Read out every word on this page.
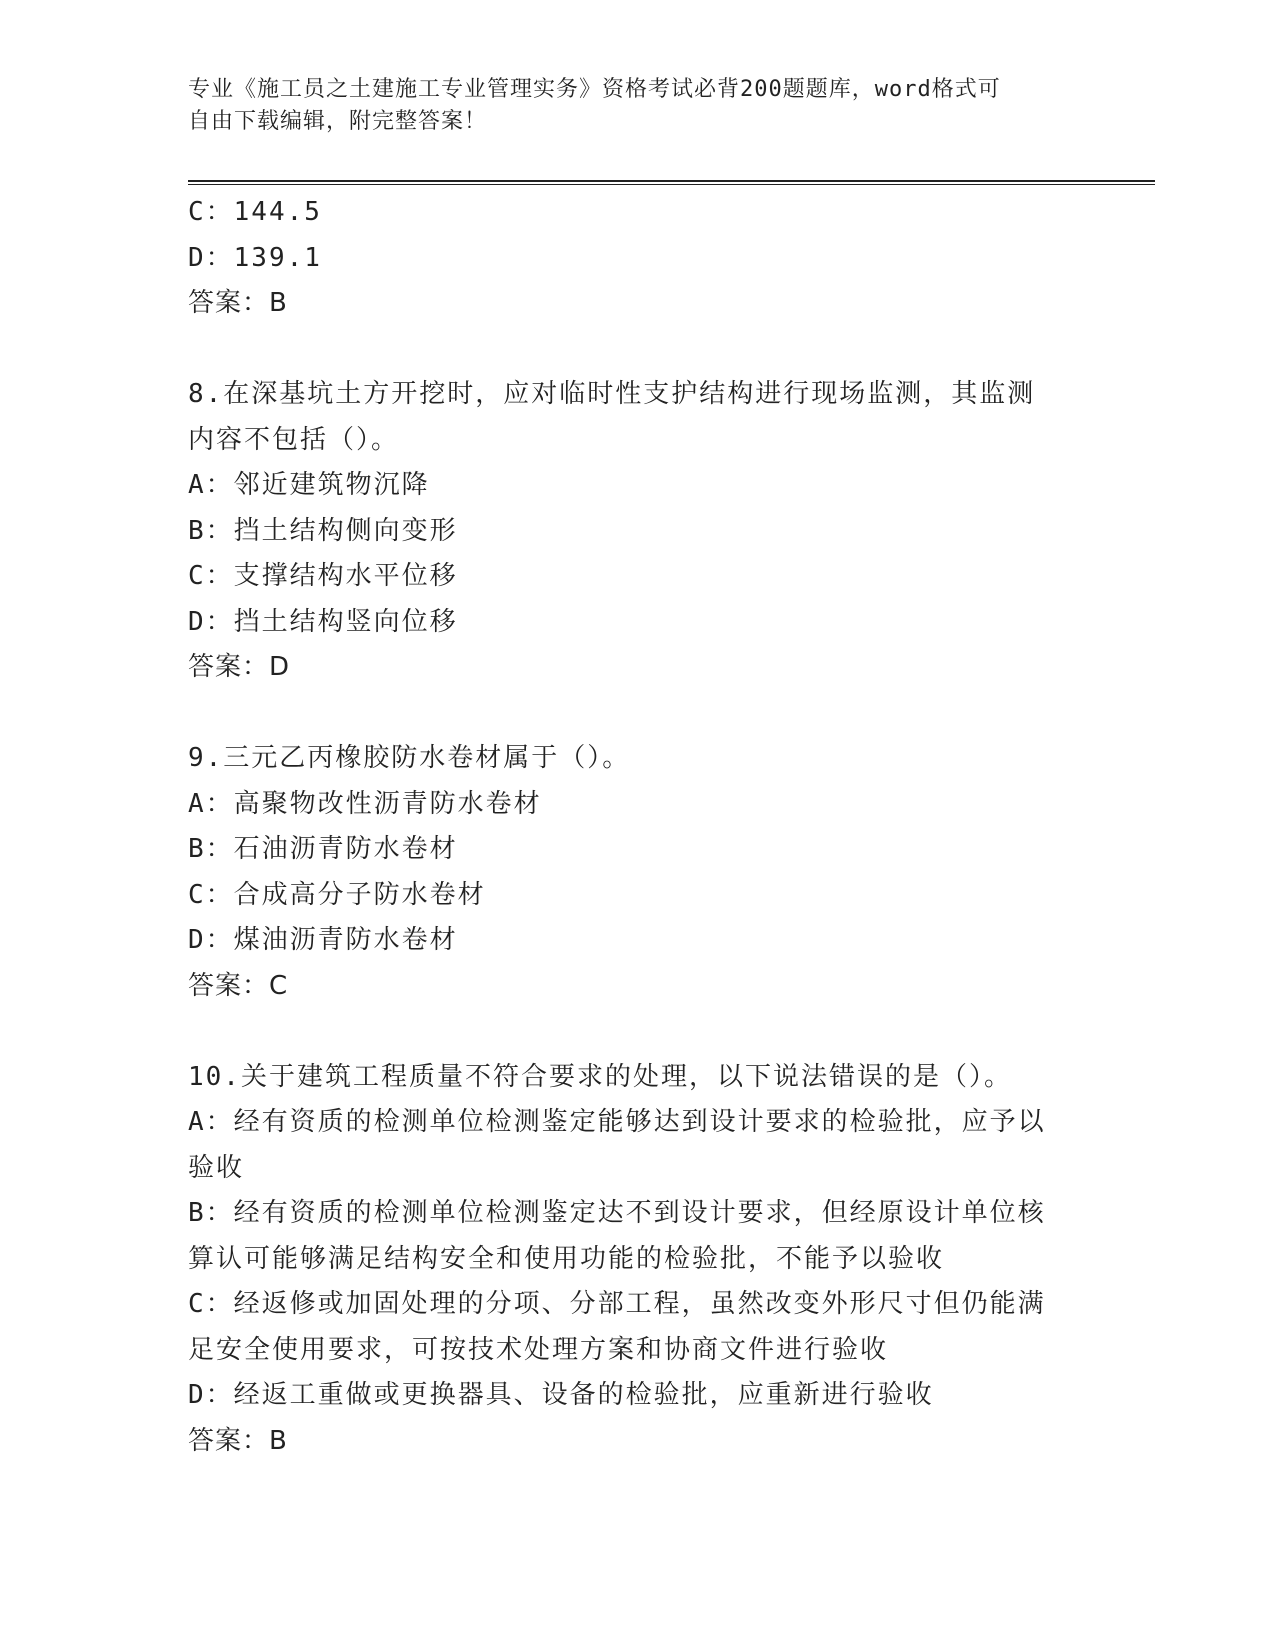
专业《施工员之土建施工专业管理实务》资格考试必背200题题库，word格式可
自由下载编辑，附完整答案！
C：144.5
D：139.1
答案：B
8.在深基坑土方开挖时，应对临时性支护结构进行现场监测，其监测
内容不包括（）。
A：邻近建筑物沉降
B：挡土结构侧向变形
C：支撑结构水平位移
D：挡土结构竖向位移
答案：D
9.三元乙丙橡胶防水卷材属于（）。
A：高聚物改性沥青防水卷材
B：石油沥青防水卷材
C：合成高分子防水卷材
D：煤油沥青防水卷材
答案：C
10.关于建筑工程质量不符合要求的处理，以下说法错误的是（）。
A：经有资质的检测单位检测鉴定能够达到设计要求的检验批，应予以
验收
B：经有资质的检测单位检测鉴定达不到设计要求，但经原设计单位核
算认可能够满足结构安全和使用功能的检验批，不能予以验收
C：经返修或加固处理的分项、分部工程，虽然改变外形尺寸但仍能满
足安全使用要求，可按技术处理方案和协商文件进行验收
D：经返工重做或更换器具、设备的检验批，应重新进行验收
答案：B
